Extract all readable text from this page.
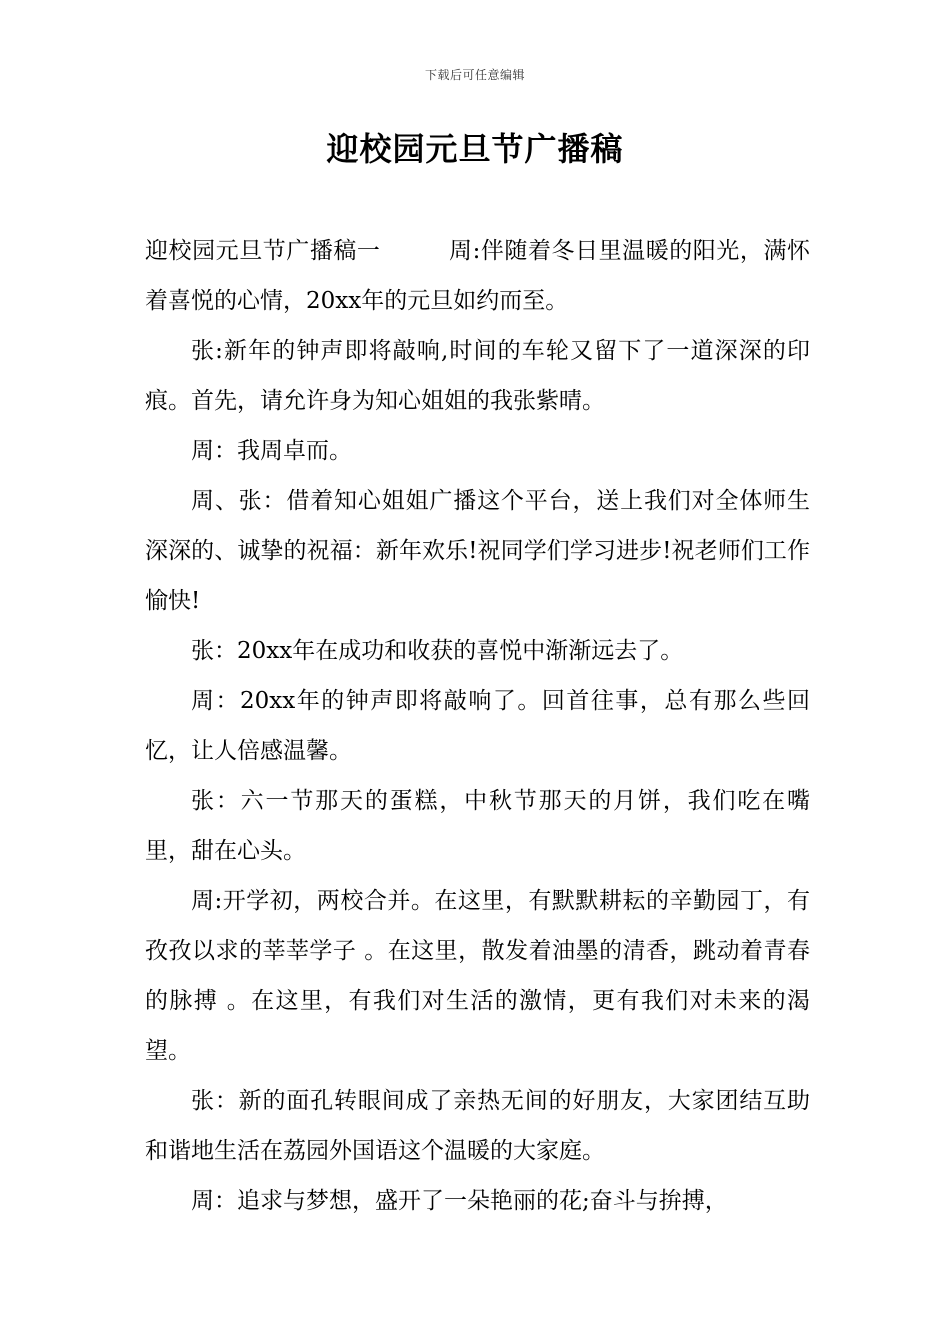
下载后可任意编辑
迎校园元旦节广播稿

迎校园元旦节广播稿一	周:伴随着冬日里温暖的阳光，满怀着喜悦的心情，20xx年的元旦如约而至。

张:新年的钟声即将敲响,时间的车轮又留下了一道深深的印痕。首先，请允许身为知心姐姐的我张紫晴。

周：我周卓而。

周、张：借着知心姐姐广播这个平台，送上我们对全体师生深深的、诚挚的祝福：新年欢乐!祝同学们学习进步!祝老师们工作 愉快!

张：20xx年在成功和收获的喜悦中渐渐远去了。

周：20xx年的钟声即将敲响了。回首往事，总有那么些回忆，让人倍感温馨。

张：六一节那天的蛋糕，中秋节那天的月饼，我们吃在嘴里，甜在心头。

周:开学初，两校合并。在这里，有默默耕耘的辛勤园丁，有孜孜以求的莘莘学子 。在这里，散发着油墨的清香，跳动着青春的脉搏 。在这里，有我们对生活的激情，更有我们对未来的渴望。

张：新的面孔转眼间成了亲热无间的好朋友，大家团结互助和谐地生活在荔园外国语这个温暖的大家庭。

周：追求与梦想，盛开了一朵艳丽的花;奋斗与拚搏，
